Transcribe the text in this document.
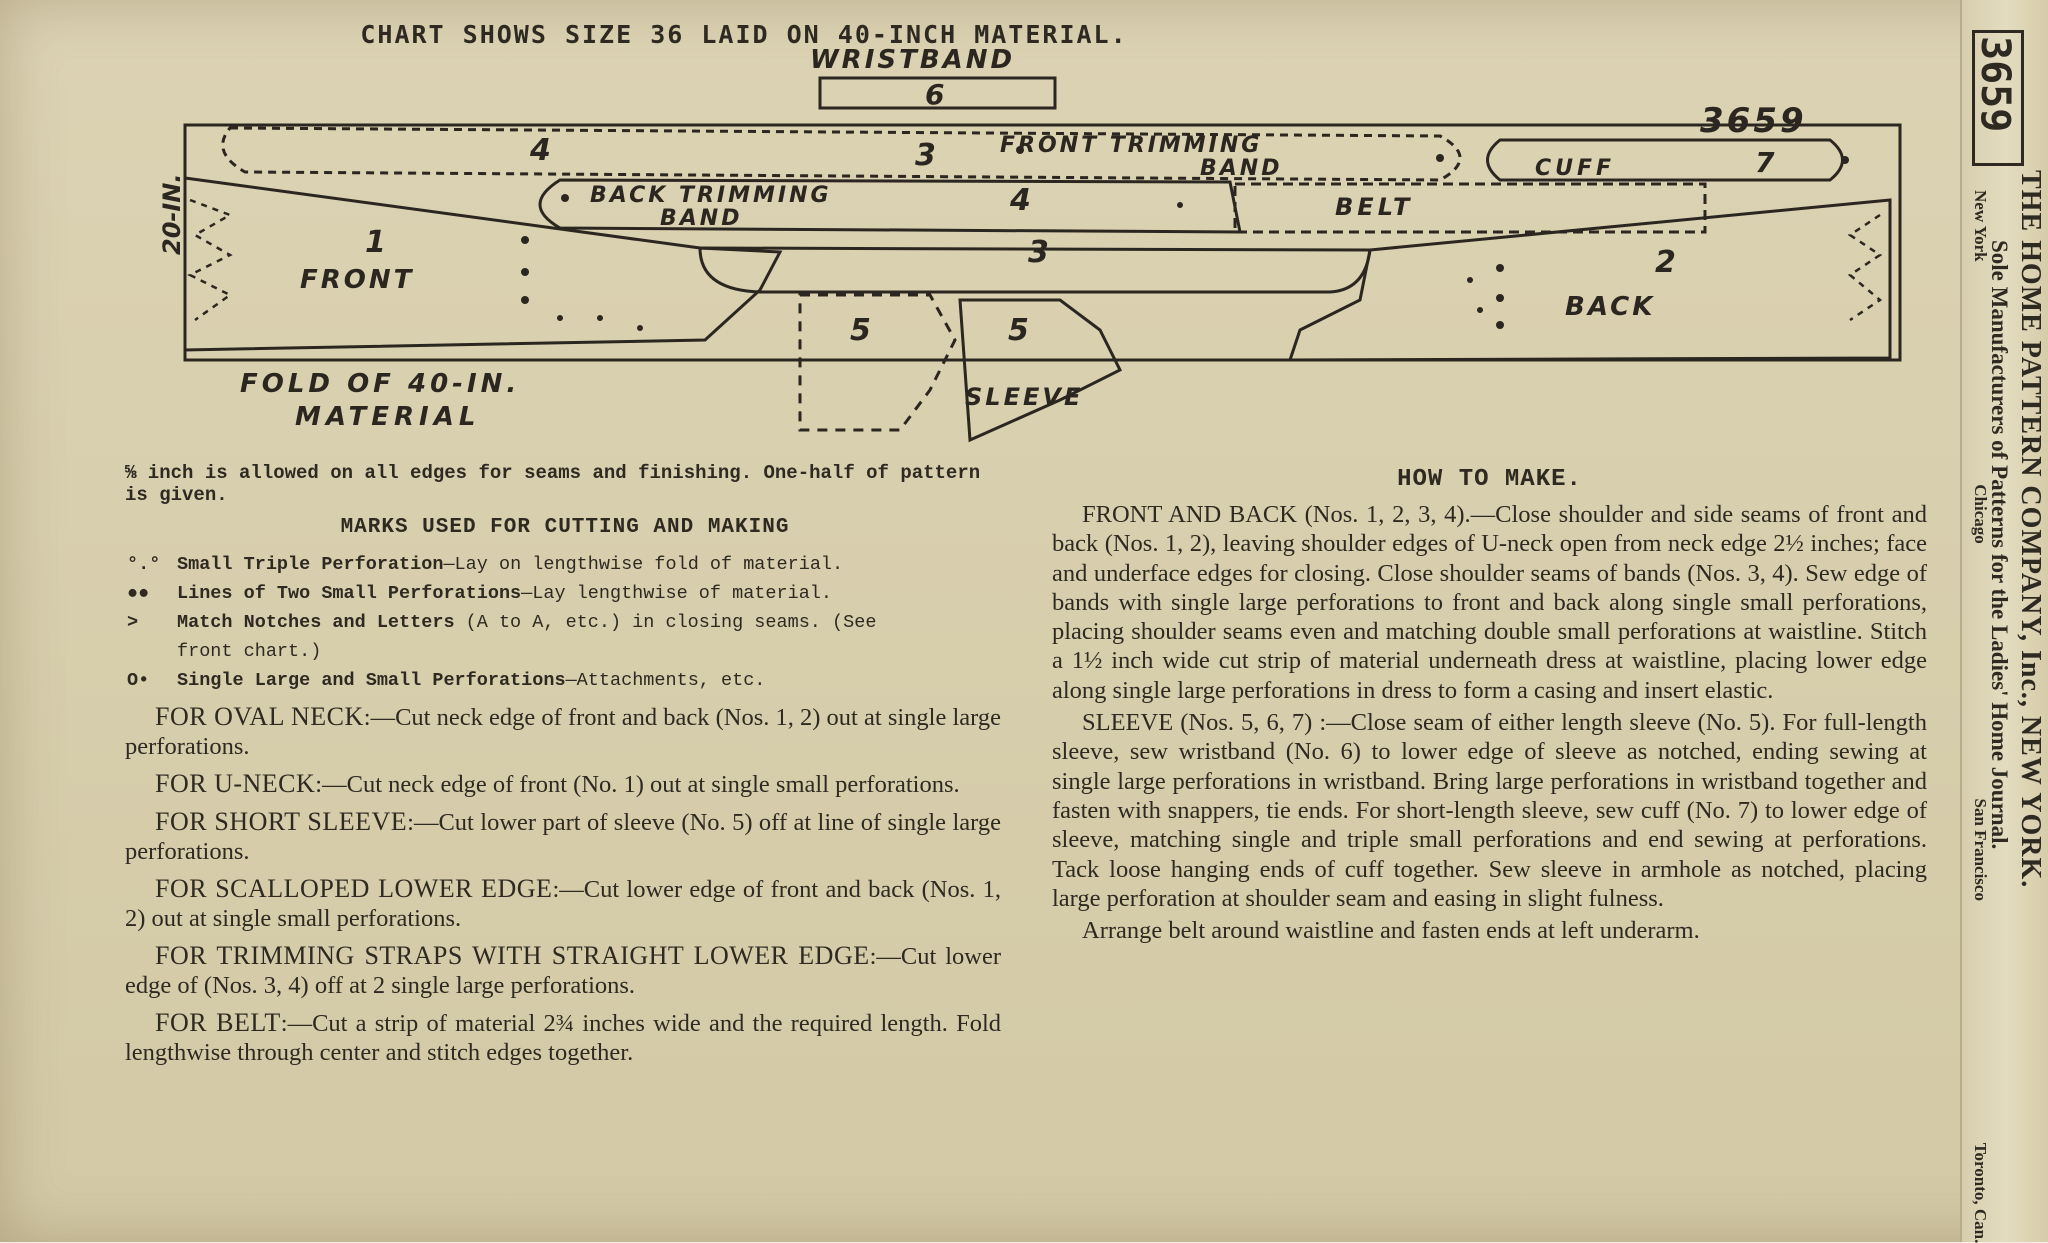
CHART SHOWS SIZE 36 LAID ON 40-INCH MATERIAL.
WRISTBAND
6
3659
20-IN.
3
4	FRONT TRIMMING
BAND
BACK TRIMMING
BAND
4	BELT
CUFF	7
1
FRONT
3	2
BACK
5	5
SLEEVE
FOLD OF 40-IN.
MATERIAL
⅝ inch is allowed on all edges for seams and finishing. One-half of pattern is given.
MARKS USED FOR CUTTING AND MAKING
°.° Small Triple Perforation—Lay on lengthwise fold of material.
●●	Lines of Two Small Perforations—Lay lengthwise of material.
>	Match Notches and Letters (A to A, etc.) in closing seams. (See
front chart.)
O•	Single Large and Small Perforations—Attachments, etc.

FOR OVAL NECK:—Cut neck edge of front and back (Nos. 1, 2) out at single large perforations.

FOR U-NECK:—Cut neck edge of front (No. 1) out at single small perforations.

FOR SHORT SLEEVE:—Cut lower part of sleeve (No. 5) off at line of single large perforations.

FOR SCALLOPED LOWER EDGE:—Cut lower edge of front and back (Nos. 1, 2) out at single small perforations.

FOR TRIMMING STRAPS WITH STRAIGHT LOWER EDGE:—Cut lower edge of (Nos. 3, 4) off at 2 single large perforations.

FOR BELT:—Cut a strip of material 2¾ inches wide and the required length. Fold lengthwise through center and stitch edges together.

HOW TO MAKE.

FRONT AND BACK (Nos. 1, 2, 3, 4).—Close shoulder and side seams of front and back (Nos. 1, 2), leaving shoulder edges of U-neck open from neck edge 2½ inches; face and underface edges for closing. Close shoulder seams of bands (Nos. 3, 4). Sew edge of bands with single large perforations to front and back along single small perforations, placing shoulder seams even and matching double small perforations at waistline. Stitch a 1½ inch wide cut strip of material underneath dress at waistline, placing lower edge along single large perforations in dress to form a casing and insert elastic.

SLEEVE (Nos. 5, 6, 7) :—Close seam of either length sleeve (No. 5). For full-length sleeve, sew wristband (No. 6) to lower edge of sleeve as notched, ending sewing at single large perforations in wristband. Bring large perforations in wristband together and fasten with snappers, tie ends. For short-length sleeve, sew cuff (No. 7) to lower edge of sleeve, matching single and triple small perforations and end sewing at perforations. Tack loose hanging ends of cuff together. Sew sleeve in armhole as notched, placing large perforation at shoulder seam and easing in slight fulness.

Arrange belt around waistline and fasten ends at left underarm.

3659
THE HOME PATTERN COMPANY, Inc., NEW YORK.
Sole Manufacturers of Patterns for the Ladies' Home Journal.
New York Chicago San Francisco Toronto, Can.
